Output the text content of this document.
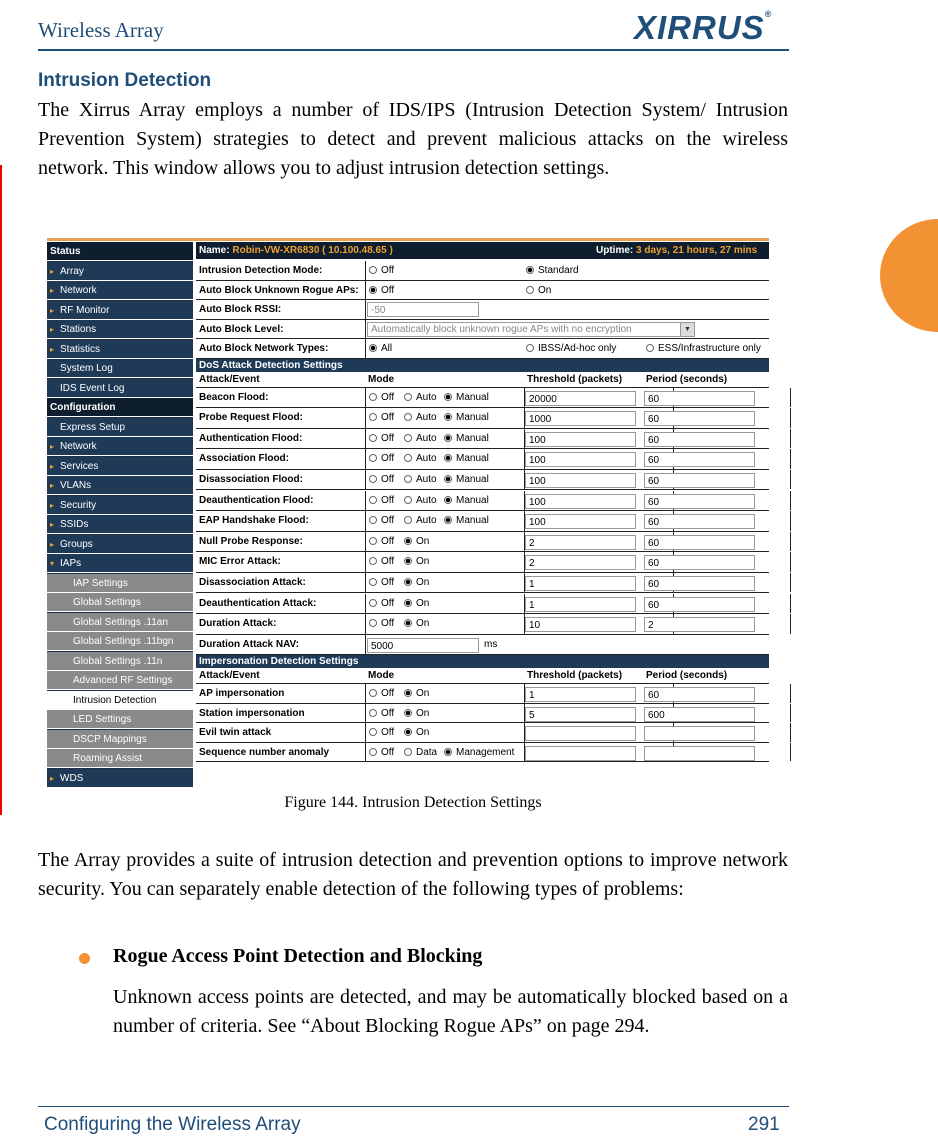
Wireless Array	XIRRUS®
Intrusion Detection
The Xirrus Array employs a number of IDS/IPS (Intrusion Detection System/ Intrusion Prevention System) strategies to detect and prevent malicious attacks on the wireless network. This window allows you to adjust intrusion detection settings.
Status
▸ Array
▸ Network
▸ RF Monitor
▸ Stations
▸ Statistics
System Log
IDS Event Log
Configuration
Express Setup
▸ Network
▸ Services
▸ VLANs
▸ Security
▸ SSIDs
▸ Groups
▾ IAPs
IAP Settings
Global Settings
Global Settings .11an
Global Settings .11bgn
Global Settings .11n
Advanced RF Settings
Intrusion Detection
LED Settings
DSCP Mappings
Roaming Assist
▸ WDS
Name: Robin-VW-XR6830 ( 10.100.48.65 )	Uptime: 3 days, 21 hours, 27 mins
Intrusion Detection Mode:	Off	Standard
Auto Block Unknown Rogue APs:	Off	On
Auto Block RSSI:	-50
Auto Block Level:	Automatically block unknown rogue APs with no encryption	▼
Auto Block Network Types:	All	IBSS/Ad-hoc only	ESS/Infrastructure only
DoS Attack Detection Settings
Attack/Event	Mode	Threshold (packets) Period (seconds)
Beacon Flood:	Off	Auto	Manual	20000	60
Probe Request Flood:	Off	Auto	Manual	1000	60
Authentication Flood:	Off	Auto	Manual	100	60
Association Flood:	Off	Auto	Manual	100	60
Disassociation Flood:	Off	Auto	Manual	100	60
Deauthentication Flood:	Off	Auto	Manual	100	60
EAP Handshake Flood:	Off	Auto	Manual	100	60
Null Probe Response:	Off	On	2	60
MIC Error Attack:	Off	On	2	60
Disassociation Attack:	Off	On	1	60
Deauthentication Attack:	Off	On	1	60
Duration Attack:	Off	On	10	2
Duration Attack NAV:	5000	ms
Impersonation Detection Settings
Attack/Event	Mode	Threshold (packets) Period (seconds)
AP impersonation	Off	On	1	60
Station impersonation	Off	On	5	600
Evil twin attack	Off	On
Sequence number anomaly	Off	Data	Management
Figure 144. Intrusion Detection Settings
The Array provides a suite of intrusion detection and prevention options to improve network security. You can separately enable detection of the following types of problems:
Rogue Access Point Detection and Blocking
Unknown access points are detected, and may be automatically blocked based on a number of criteria. See “About Blocking Rogue APs” on page 294.
Configuring the Wireless Array	291
